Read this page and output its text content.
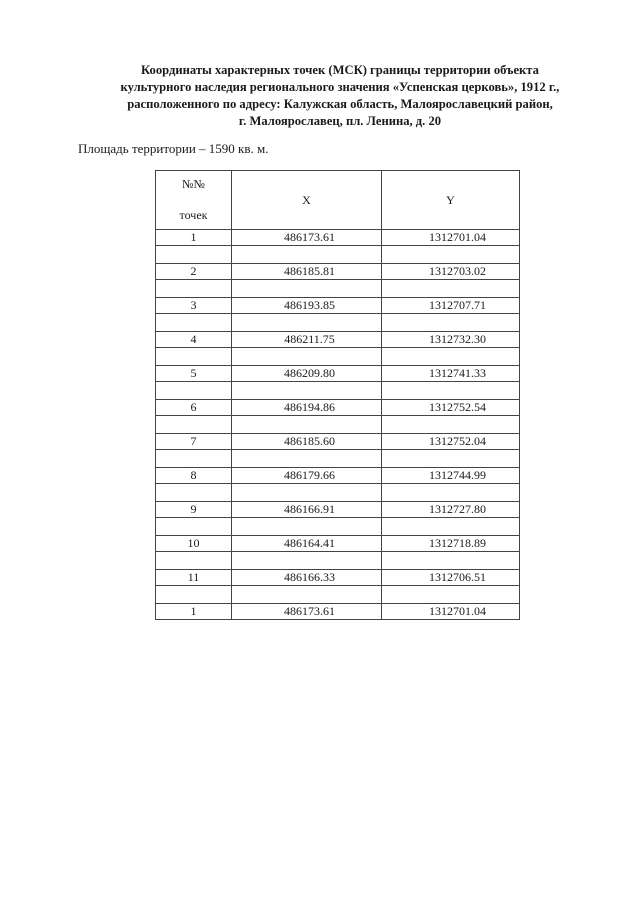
Координаты характерных точек (МСК) границы территории объекта
культурного наследия регионального значения «Успенская церковь», 1912 г.,
расположенного по адресу: Калужская область, Малоярославецкий район,
г. Малоярославец, пл. Ленина, д. 20
Площадь территории – 1590 кв. м.
№№
точек	X	Y
1	486173.61	1312701.04

2	486185.81	1312703.02

3	486193.85	1312707.71

4	486211.75	1312732.30

5	486209.80	1312741.33

6	486194.86	1312752.54

7	486185.60	1312752.04

8	486179.66	1312744.99

9	486166.91	1312727.80

10	486164.41	1312718.89

11	486166.33	1312706.51

1	486173.61	1312701.04
